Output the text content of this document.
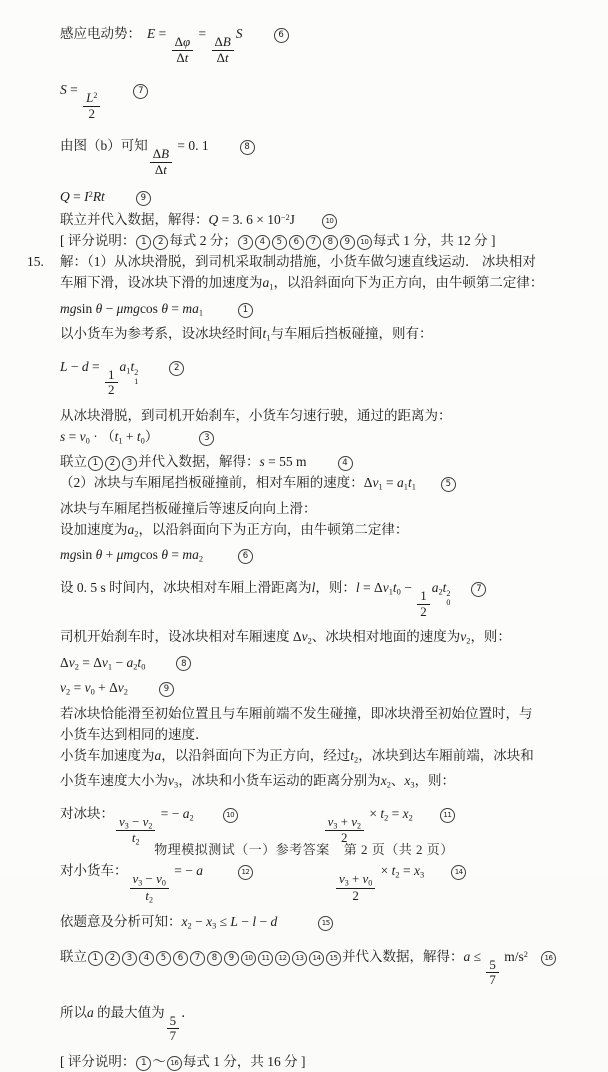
感应电动势： E =
$\frac{\Delta\varphi}{\Delta t}$
=
$\frac{\Delta B}{\Delta t}$
S	6
S =
$\frac{L^2}{2}$
7
由图（b）可知
$\frac{\Delta B}{\Delta t}$
= 0. 1	8
$Q = I^2Rt$	9
联立并代入数据，解得：Q = 3. $6 \times 10^{-2}J$	10
[ 评分说明： 1 2 每式 2 分； 3 4 5 6 7 8 9 10 每式 1 分，共 12 分 ]
15. 解：（1）从冰块滑脱，到司机采取制动措施，小货车做匀速直线运动． 冰块相对
车厢下滑，设冰块下滑的加速度为a1，以沿斜面向下为正方向，由牛顿第二定律：
mgsin θ − μmgcos θ = ma1	1
以小货车为参考系，设冰块经时间t1与车厢后挡板碰撞，则有：
L − d =
$\frac{1}{2}$
a1t 2
1
2
从冰块滑脱，到司机开始刹车，小货车匀速行驶，通过的距离为：
s = v0 · （t1 + t0）	3
联立 1 2 3 并代入数据，解得：s = 55 m	4
（2）冰块与车厢尾挡板碰撞前，相对车厢的速度：Δv1 = a1t1	5
冰块与车厢尾挡板碰撞后等速反向向上滑：
设加速度为a2，以沿斜面向下为正方向，由牛顿第二定律：
mgsin θ + μmgcos θ = ma2	6
设 0. 5 s 时间内，冰块相对车厢上滑距离为l，则：l = Δv1t0 −
$\frac{1}{2}$
a2t 2
0
7
司机开始刹车时，设冰块相对车厢速度 Δv2、冰块相对地面的速度为v2，则：
Δv2 = Δv1 − a2t0	8
v2 = v0 + Δv2	9
若冰块恰能滑至初始位置且与车厢前端不发生碰撞，即冰块滑至初始位置时，与
小货车达到相同的速度．
小货车加速度为a，以沿斜面向下为正方向，经过t2，冰块到达车厢前端，冰块和
小货车速度大小为v3，冰块和小货车运动的距离分别为x2、x3，则：
对冰块：
$\frac{v3 - v2}{t2}$
= − a2	10
$\frac{v3 + v2}{2}$
× t2 = x2	11
对小货车：
$\frac{v3 - v0}{t2}$
= − a	12
$\frac{v3 + v0}{2}$
× t2 = x3	14
依题意及分析可知：x2 − x3 ≤ L − l − d	15
联立 1 2 3 4 5 6 7 8 9 10 11 12 13 14 15 并代入数据，解得：a ≤
$\frac{5}{7}$
$m/s^2$ 16
所以a 的最大值为
$\frac{5}{7}$
．
[ 评分说明： 1 ～ 16 每式 1 分，共 16 分 ]
物理模拟测试（一）参考答案 第 2 页（共 2 页）
